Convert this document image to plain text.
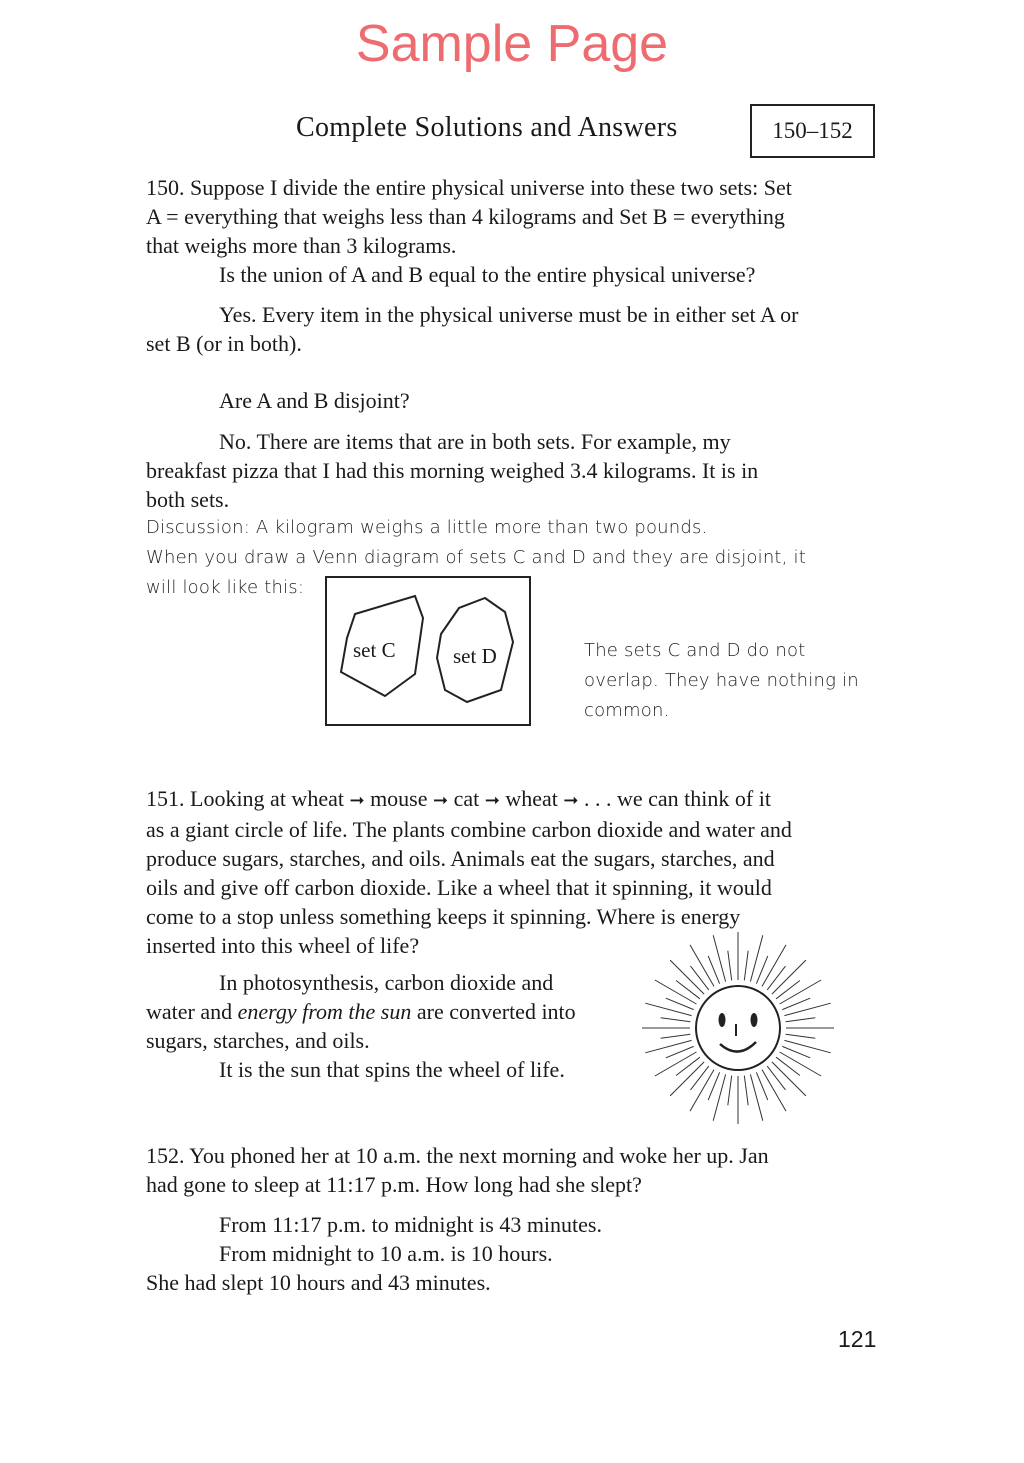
Sample Page
Complete Solutions and Answers	150–152
150. Suppose I divide the entire physical universe into these two sets: Set
A = everything that weighs less than 4 kilograms and Set B = everything
that weighs more than 3 kilograms.
Is the union of A and B equal to the entire physical universe?
Yes. Every item in the physical universe must be in either set A or
set B (or in both).
Are A and B disjoint?
No. There are items that are in both sets. For example, my
breakfast pizza that I had this morning weighed 3.4 kilograms. It is in
both sets.
Discussion: A kilogram weighs a little more than two pounds.
When you draw a Venn diagram of sets C and D and they are disjoint, it
will look like this:
set C	set D	The sets C and D do not
overlap. They have nothing in
common.
151. Looking at wheat ➞ mouse ➞ cat ➞ wheat ➞ . . . we can think of it
as a giant circle of life. The plants combine carbon dioxide and water and
produce sugars, starches, and oils. Animals eat the sugars, starches, and
oils and give off carbon dioxide. Like a wheel that it spinning, it would
come to a stop unless something keeps it spinning. Where is energy
inserted into this wheel of life?
In photosynthesis, carbon dioxide and
water and energy from the sun are converted into
sugars, starches, and oils.
It is the sun that spins the wheel of life.
152. You phoned her at 10 a.m. the next morning and woke her up. Jan
had gone to sleep at 11:17 p.m. How long had she slept?
From 11:17 p.m. to midnight is 43 minutes.
From midnight to 10 a.m. is 10 hours.
She had slept 10 hours and 43 minutes.
121
